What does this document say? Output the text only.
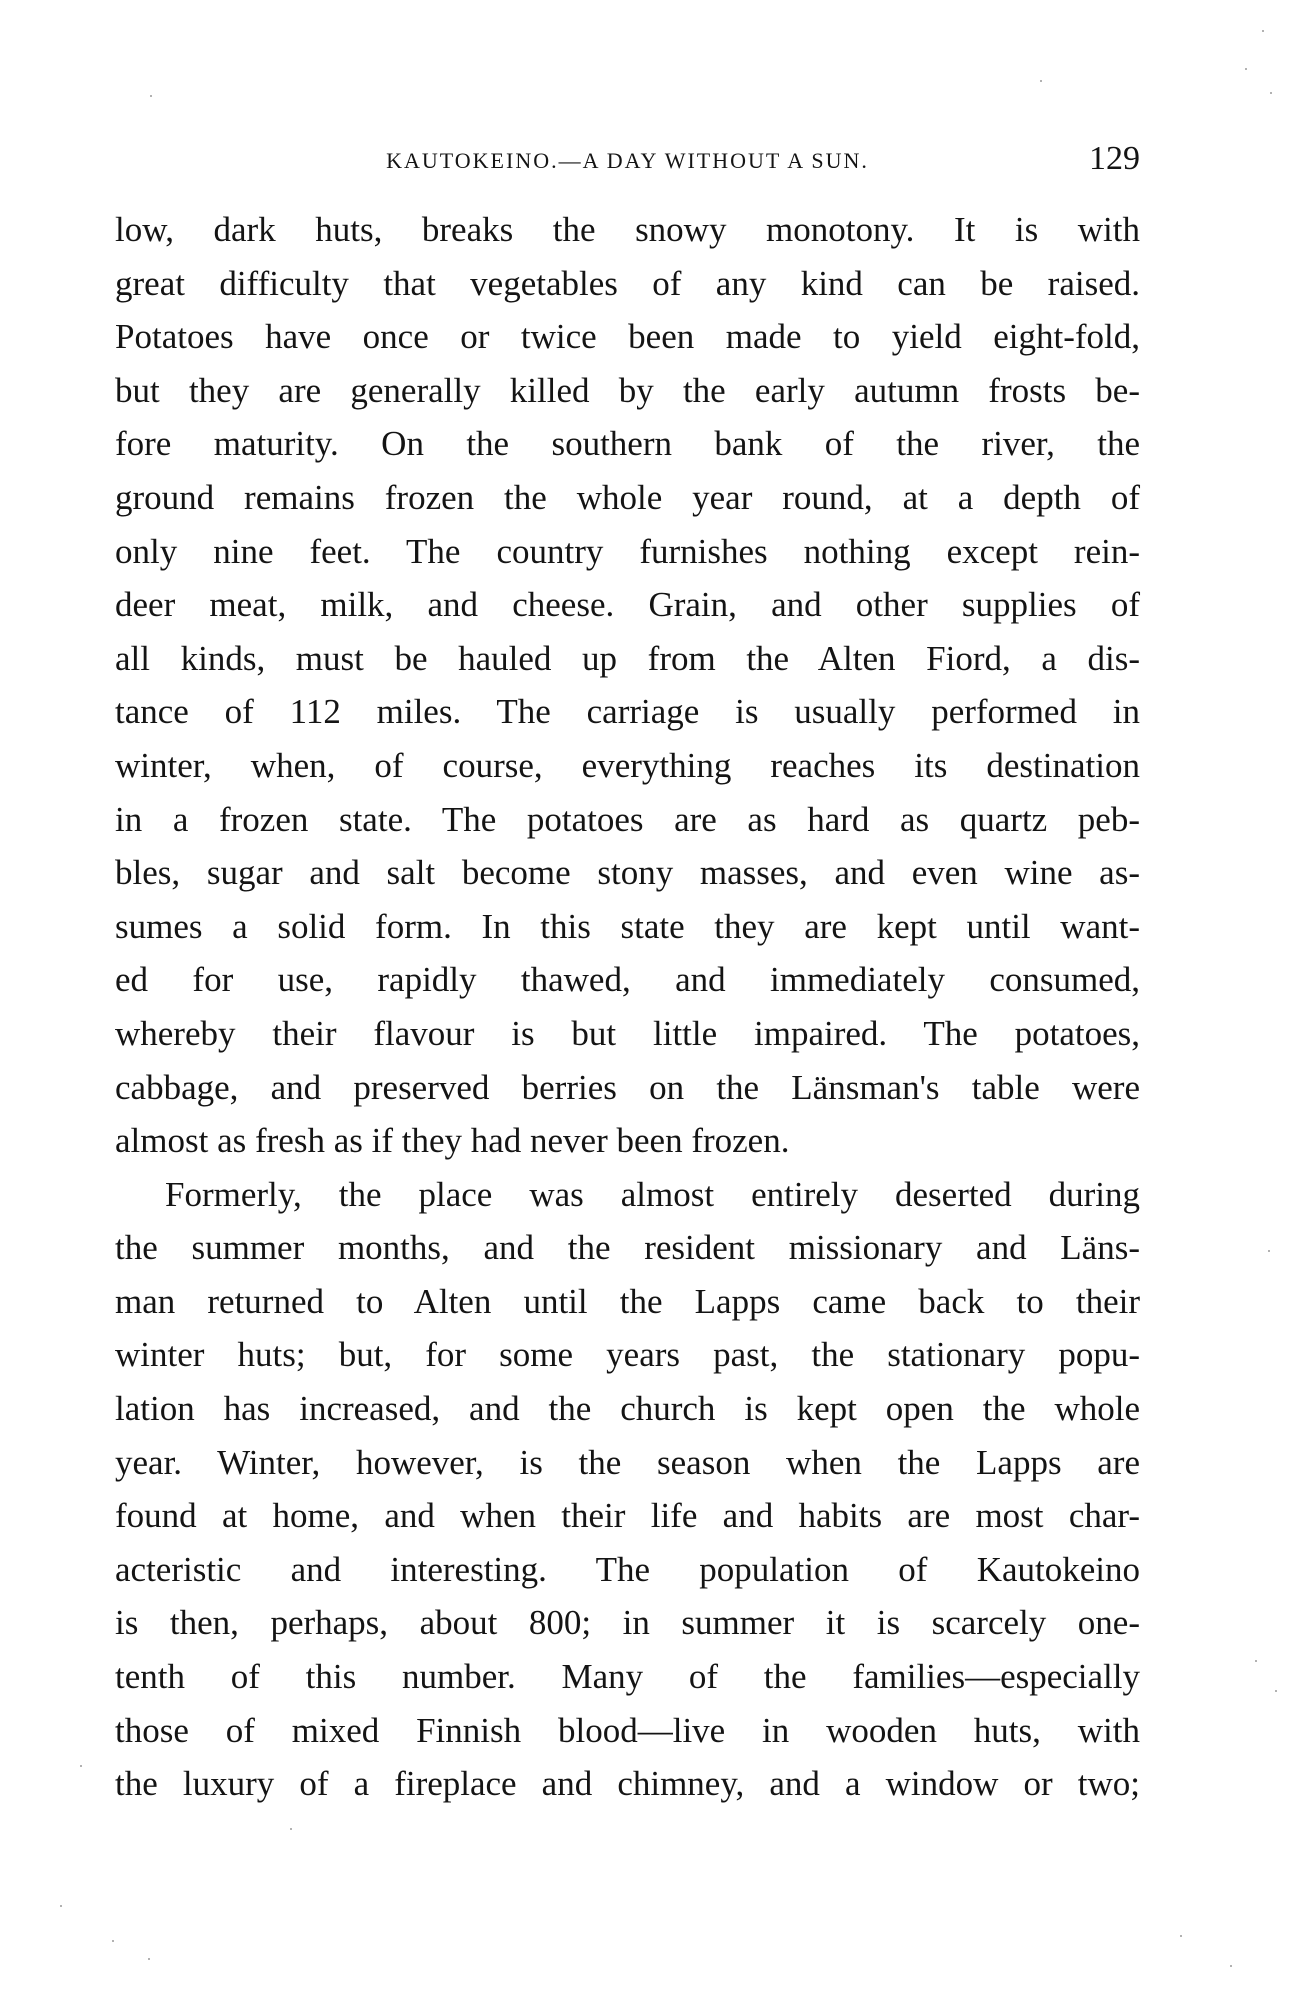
KAUTOKEINO.—A DAY WITHOUT A SUN.	129
low, dark huts, breaks the snowy monotony. It is with
great difficulty that vegetables of any kind can be raised.
Potatoes have once or twice been made to yield eight-fold,
but they are generally killed by the early autumn frosts be-
fore maturity. On the southern bank of the river, the
ground remains frozen the whole year round, at a depth of
only nine feet. The country furnishes nothing except rein-
deer meat, milk, and cheese. Grain, and other supplies of
all kinds, must be hauled up from the Alten Fiord, a dis-
tance of 112 miles. The carriage is usually performed in
winter, when, of course, everything reaches its destination
in a frozen state. The potatoes are as hard as quartz peb-
bles, sugar and salt become stony masses, and even wine as-
sumes a solid form. In this state they are kept until want-
ed for use, rapidly thawed, and immediately consumed,
whereby their flavour is but little impaired. The potatoes,
cabbage, and preserved berries on the Länsman's table were
almost as fresh as if they had never been frozen.
Formerly, the place was almost entirely deserted during
the summer months, and the resident missionary and Läns-
man returned to Alten until the Lapps came back to their
winter huts; but, for some years past, the stationary popu-
lation has increased, and the church is kept open the whole
year. Winter, however, is the season when the Lapps are
found at home, and when their life and habits are most char-
acteristic and interesting. The population of Kautokeino
is then, perhaps, about 800; in summer it is scarcely one-
tenth of this number. Many of the families—especially
those of mixed Finnish blood—live in wooden huts, with
the luxury of a fireplace and chimney, and a window or two;
